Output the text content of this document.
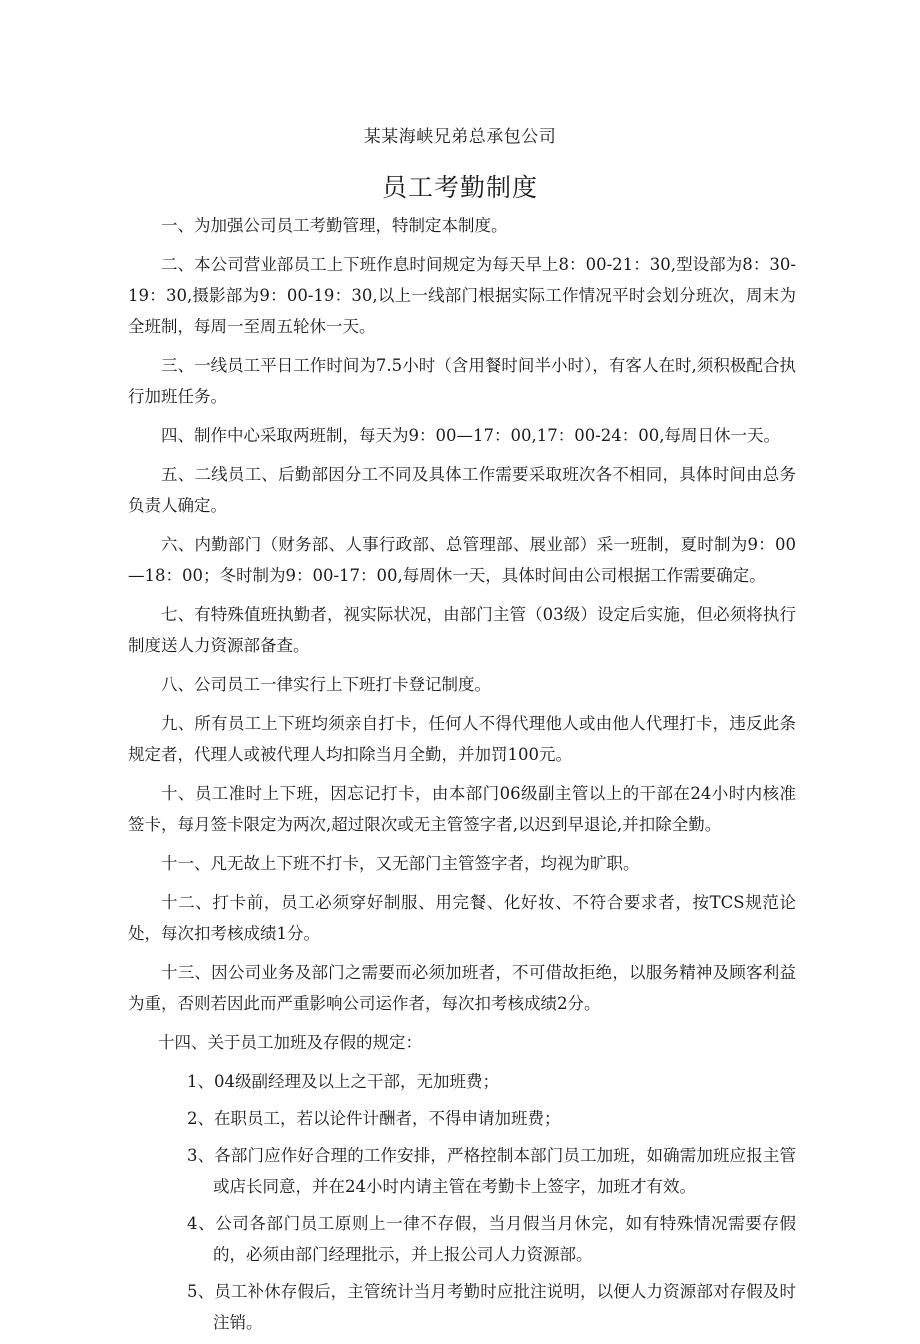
某某海峡兄弟总承包公司
员工考勤制度

一、为加强公司员工考勤管理，特制定本制度。

二、本公司营业部员工上下班作息时间规定为每天早上8：00-21：30,型设部为8：30-19：30,摄影部为9：00-19：30,以上一线部门根据实际工作情况平时会划分班次，周末为全班制，每周一至周五轮休一天。

三、一线员工平日工作时间为7.5小时（含用餐时间半小时），有客人在时,须积极配合执行加班任务。

四、制作中心采取两班制，每天为9：00—17：00,17：00-24：00,每周日休一天。

五、二线员工、后勤部因分工不同及具体工作需要采取班次各不相同，具体时间由总务负责人确定。

六、内勤部门（财务部、人事行政部、总管理部、展业部）采一班制，夏时制为9：00—18：00；冬时制为9：00-17：00,每周休一天，具体时间由公司根据工作需要确定。

七、有特殊值班执勤者，视实际状况，由部门主管（03级）设定后实施，但必须将执行制度送人力资源部备查。

八、公司员工一律实行上下班打卡登记制度。

九、所有员工上下班均须亲自打卡，任何人不得代理他人或由他人代理打卡，违反此条规定者，代理人或被代理人均扣除当月全勤，并加罚100元。

十、员工准时上下班，因忘记打卡，由本部门06级副主管以上的干部在24小时内核准签卡，每月签卡限定为两次,超过限次或无主管签字者,以迟到早退论,并扣除全勤。

十一、凡无故上下班不打卡，又无部门主管签字者，均视为旷职。

十二、打卡前，员工必须穿好制服、用完餐、化好妆、不符合要求者，按TCS规范论处，每次扣考核成绩1分。

十三、因公司业务及部门之需要而必须加班者，不可借故拒绝，以服务精神及顾客利益为重，否则若因此而严重影响公司运作者，每次扣考核成绩2分。

十四、关于员工加班及存假的规定：

1、04级副经理及以上之干部，无加班费；

2、在职员工，若以论件计酬者，不得申请加班费；

3、各部门应作好合理的工作安排，严格控制本部门员工加班，如确需加班应报主管或店长同意，并在24小时内请主管在考勤卡上签字，加班才有效。

4、公司各部门员工原则上一律不存假，当月假当月休完，如有特殊情况需要存假的，必须由部门经理批示，并上报公司人力资源部。

5、员工补休存假后，主管统计当月考勤时应批注说明，以便人力资源部对存假及时注销。
